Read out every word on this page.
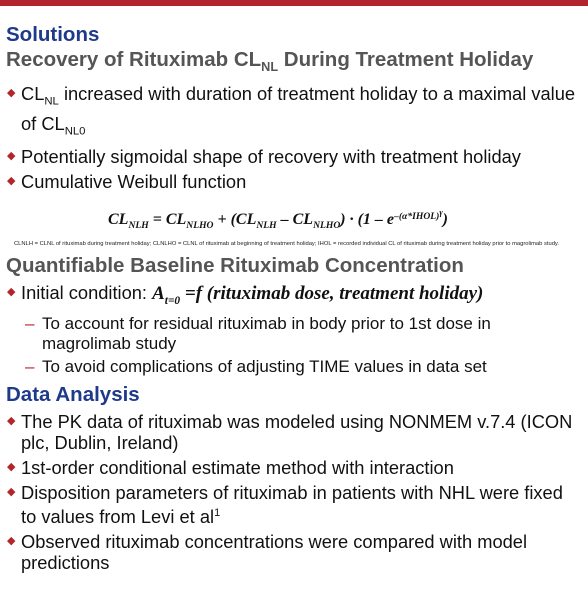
Solutions
Recovery of Rituximab $CL_{NL}$ During Treatment Holiday
◆ $CL_{NL}$ increased with duration of treatment holiday to a maximal value of $CL_{NL0}$
◆ Potentially sigmoidal shape of recovery with treatment holiday
◆ Cumulative Weibull function
$CL_{NLH} = CL_{NLHO} + (CL_{NLH} - CL_{NLHO}) \cdot (1 - e^{-(\alpha*IHOL)^\gamma})$
CLNLH = CLNL of rituximab during treatment holiday; CLNLHO = CLNL of rituximab at beginning of treatment holiday; IHOL = recorded individual CL of rituximab during treatment holiday prior to magrolimab study.
Quantifiable Baseline Rituximab Concentration
◆ Initial condition: $A_{t=0} =f$ (rituximab dose, treatment holiday)
– To account for residual rituximab in body prior to 1st dose in magrolimab study
– To avoid complications of adjusting TIME values in data set
Data Analysis
◆ The PK data of rituximab was modeled using NONMEM v.7.4 (ICON plc, Dublin, Ireland)
◆ 1st-order conditional estimate method with interaction
◆ Disposition parameters of rituximab in patients with NHL were fixed to values from Levi et $al^1$
◆ Observed rituximab concentrations were compared with model predictions
